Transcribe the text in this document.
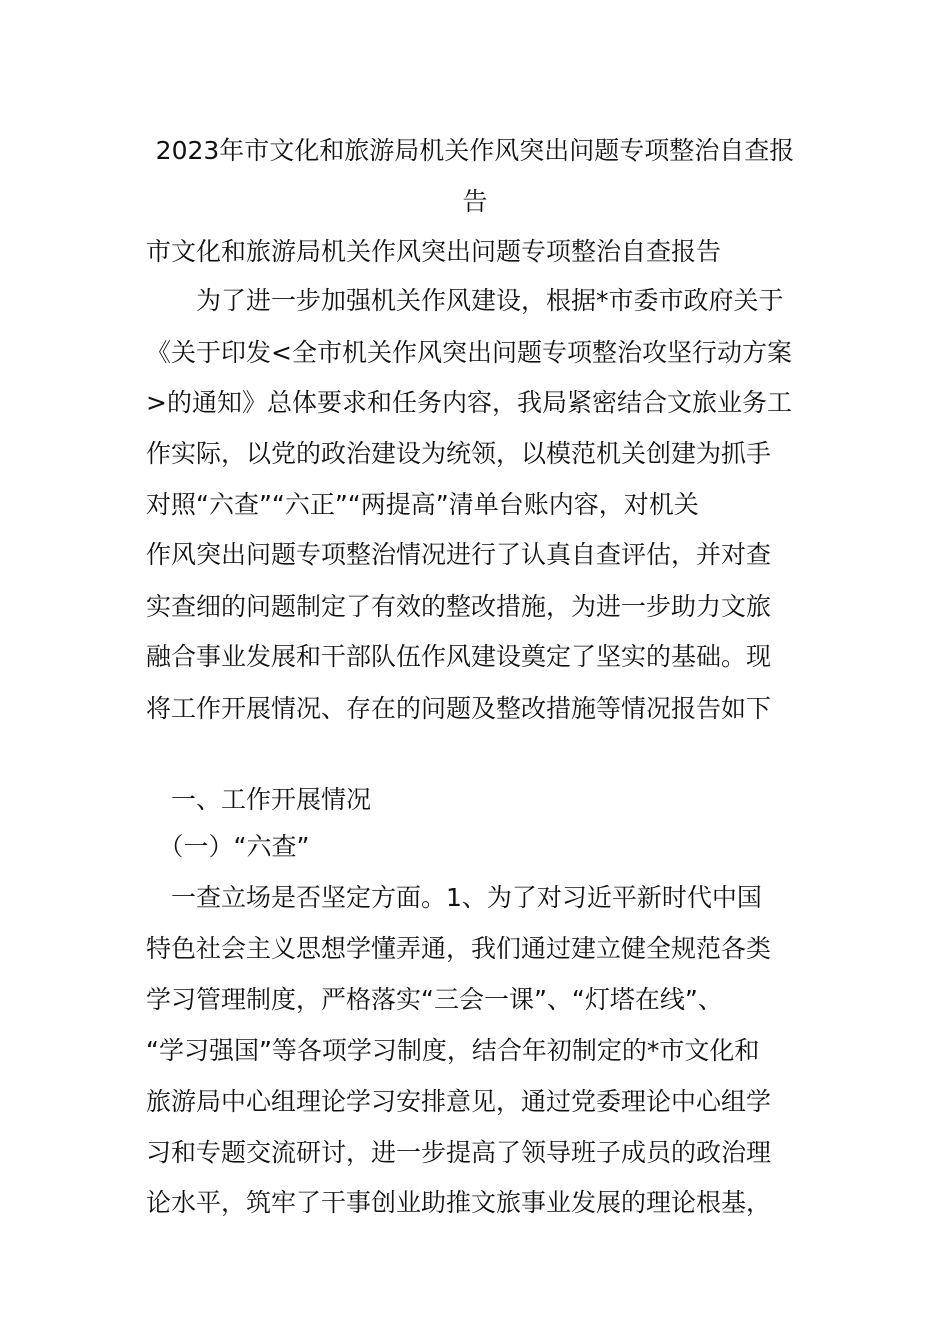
2023年市文化和旅游局机关作风突出问题专项整治自查报
告
市文化和旅游局机关作风突出问题专项整治自查报告
　　为了进一步加强机关作风建设，根据*市委市政府关于
《关于印发<全市机关作风突出问题专项整治攻坚行动方案
>的通知》总体要求和任务内容，我局紧密结合文旅业务工
作实际，以党的政治建设为统领，以模范机关创建为抓手
对照“六查”“六正”“两提高”清单台账内容，对机关
作风突出问题专项整治情况进行了认真自查评估，并对查
实查细的问题制定了有效的整改措施，为进一步助力文旅
融合事业发展和干部队伍作风建设奠定了坚实的基础。现
将工作开展情况、存在的问题及整改措施等情况报告如下
　一、工作开展情况
　（一）“六查”
　一查立场是否坚定方面。1、为了对习近平新时代中国
特色社会主义思想学懂弄通，我们通过建立健全规范各类
学习管理制度，严格落实“三会一课”、“灯塔在线”、
“学习强国”等各项学习制度，结合年初制定的*市文化和
旅游局中心组理论学习安排意见，通过党委理论中心组学
习和专题交流研讨，进一步提高了领导班子成员的政治理
论水平，筑牢了干事创业助推文旅事业发展的理论根基，
